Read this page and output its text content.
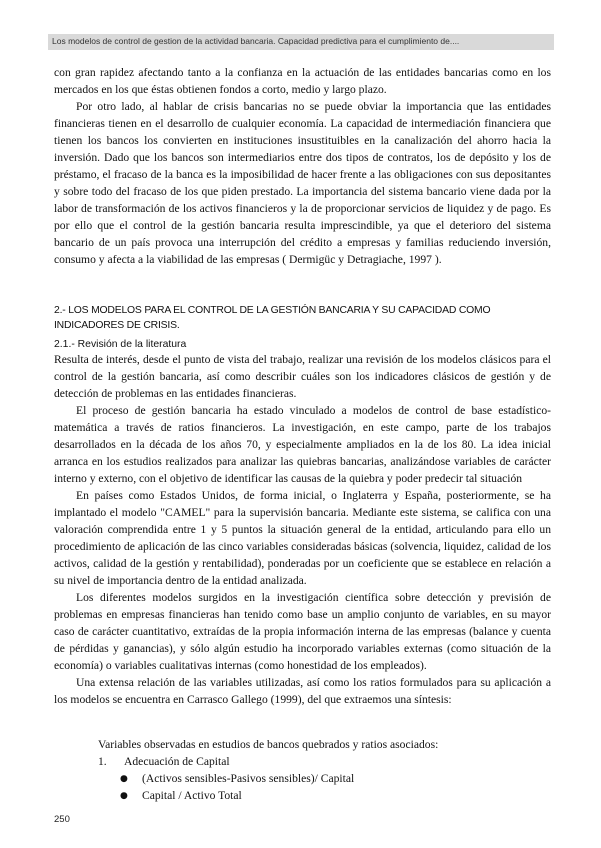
Los modelos de control de gestion de la actividad bancaria. Capacidad predictiva para el cumplimiento de....

con gran rapidez afectando tanto a la confianza en la actuación de las entidades bancarias como en los mercados en los que éstas obtienen fondos a corto, medio y largo plazo.

Por otro lado, al hablar de crisis bancarias no se puede obviar la importancia que las entidades financieras tienen en el desarrollo de cualquier economía. La capacidad de intermediación financiera que tienen los bancos los convierten en instituciones insustituibles en la canalización del ahorro hacia la inversión. Dado que los bancos son intermediarios entre dos tipos de contratos, los de depósito y los de préstamo, el fracaso de la banca es la imposibilidad de hacer frente a las obligaciones con sus depositantes y sobre todo del fracaso de los que piden prestado. La importancia del sistema bancario viene dada por la labor de transformación de los activos financieros y la de proporcionar servicios de liquidez y de pago. Es por ello que el control de la gestión bancaria resulta imprescindible, ya que el deterioro del sistema bancario de un país provoca una interrupción del crédito a empresas y familias reduciendo inversión, consumo y afecta a la viabilidad de las empresas ( Dermigüc y Detragiache, 1997 ).

2.- LOS MODELOS PARA EL CONTROL DE LA GESTIÓN BANCARIA Y SU CAPACIDAD COMO INDICADORES DE CRISIS.
2.1.- Revisión de la literatura

Resulta de interés, desde el punto de vista del trabajo, realizar una revisión de los modelos clásicos para el control de la gestión bancaria, así como describir cuáles son los indicadores clásicos de gestión y de detección de problemas en las entidades financieras.

El proceso de gestión bancaria ha estado vinculado a modelos de control de base estadístico-matemática a través de ratios financieros. La investigación, en este campo, parte de los trabajos desarrollados en la década de los años 70, y especialmente ampliados en la de los 80. La idea inicial arranca en los estudios realizados para analizar las quiebras bancarias, analizándose variables de carácter interno y externo, con el objetivo de identificar las causas de la quiebra y poder predecir tal situación

En países como Estados Unidos, de forma inicial, o Inglaterra y España, posteriormente, se ha implantado el modelo "CAMEL" para la supervisión bancaria. Mediante este sistema, se califica con una valoración comprendida entre 1 y 5 puntos la situación general de la entidad, articulando para ello un procedimiento de aplicación de las cinco variables consideradas básicas (solvencia, liquidez, calidad de los activos, calidad de la gestión y rentabilidad), ponderadas por un coeficiente que se establece en relación a su nivel de importancia dentro de la entidad analizada.

Los diferentes modelos surgidos en la investigación científica sobre detección y previsión de problemas en empresas financieras han tenido como base un amplio conjunto de variables, en su mayor caso de carácter cuantitativo, extraídas de la propia información interna de las empresas (balance y cuenta de pérdidas y ganancias), y sólo algún estudio ha incorporado variables externas (como situación de la economía) o variables cualitativas internas (como honestidad de los empleados).

Una extensa relación de las variables utilizadas, así como los ratios formulados para su aplicación a los modelos se encuentra en Carrasco Gallego (1999), del que extraemos una síntesis:

Variables observadas en estudios de bancos quebrados y ratios asociados:
1. Adecuación de Capital
● (Activos sensibles-Pasivos sensibles)/ Capital
● Capital / Activo Total
250
